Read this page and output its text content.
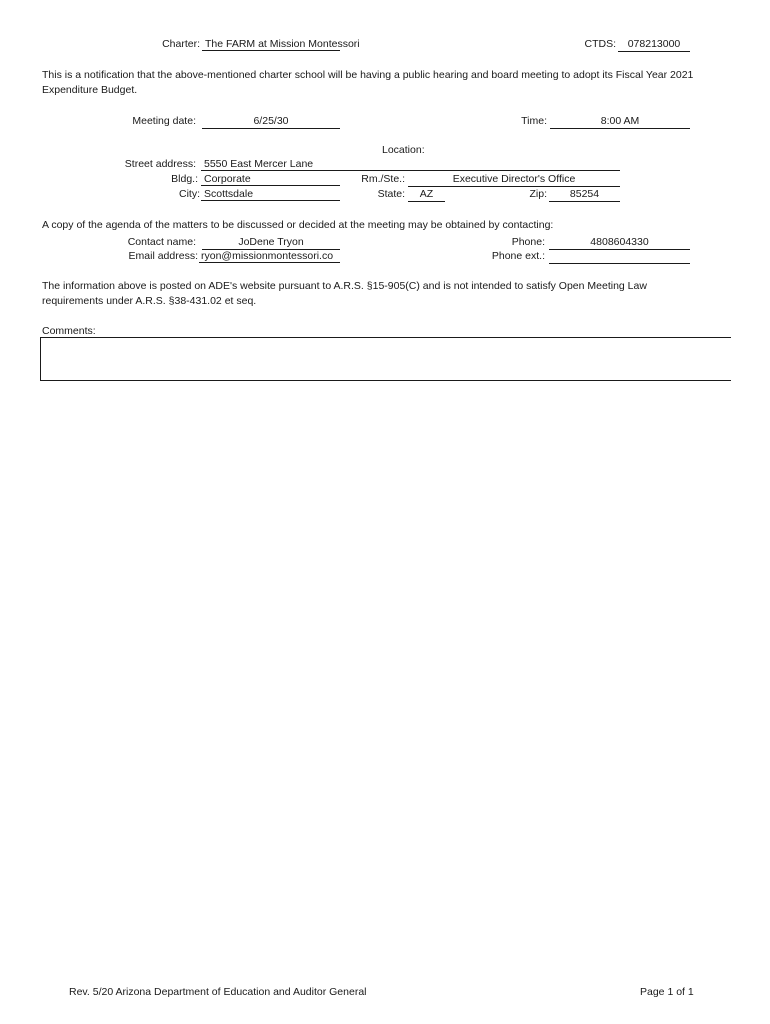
Charter: The FARM at Mission Montessori	CTDS:	078213000
This is a notification that the above-mentioned charter school will be having a public hearing and board meeting to adopt its Fiscal Year 2021 Expenditure Budget.
Meeting date:	6/25/30	Time:	8:00 AM
Location:
Street address: 5550 East Mercer Lane
Bldg.: Corporate	Rm./Ste.:	Executive Director's Office
City: Scottsdale	State:	AZ	Zip:	85254
A copy of the agenda of the matters to be discussed or decided at the meeting may be obtained by contacting:
Contact name:	JoDene Tryon	Phone:	4808604330
Email address: ryon@missionmontessori.co	Phone ext.:
The information above is posted on ADE's website pursuant to A.R.S. §15-905(C) and is not intended to satisfy Open Meeting Law requirements under A.R.S. §38-431.02 et seq.
Comments:
Rev. 5/20 Arizona Department of Education and Auditor General	Page 1 of 1
